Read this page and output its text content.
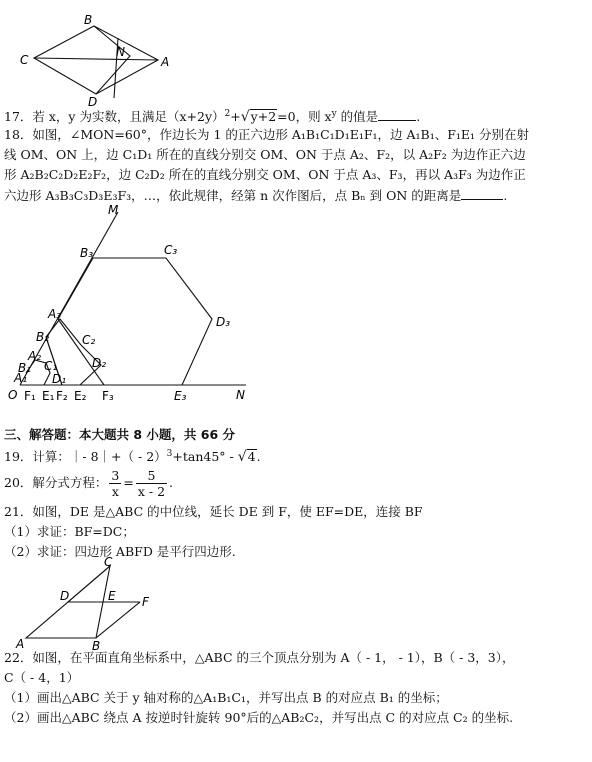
B
C
N
A
D
17．若 x，y 为实数，且满足$(x+2y)^2+√y+2=0$，则 $x^y$ 的值是	.
18．如图，∠MON=60°，作边长为 1 的正六边形 A₁B₁C₁D₁E₁F₁，边 A₁B₁、F₁E₁ 分别在射
线 OM、ON 上，边 C₁D₁ 所在的直线分别交 OM、ON 于点 A₂、F₂，以 A₂F₂ 为边作正六边
形 A₂B₂C₂D₂E₂F₂，边 C₂D₂ 所在的直线分别交 OM、ON 于点 A₃、F₃，再以 A₃F₃ 为边作正
六边形 A₃B₃C₃D₃E₃F₃，…，依此规律，经第 n 次作图后，点 Bₙ 到 ON 的距离是	.
M
N
O
B₃	C₃
D₃
E₃
A₃
B₂	C₂
D₂
E₂ F₃
F₂
A₂
B₁ C₁
D₁
E₁
F₁
A₁
三、解答题：本大题共 8 小题，共 66 分
19．计算：｜- 8｜+（ - 2）$^3$+tan45° - √4.
20．解分式方程： $\frac{3}{x} = \frac{5}{x - 2}$ .
21．如图，DE 是△ABC 的中位线，延长 DE 到 F，使 EF=DE，连接 BF
（1）求证：BF=DC；
（2）求证：四边形 ABFD 是平行四边形.
C
D	E F
A	B
22．如图，在平面直角坐标系中，△ABC 的三个顶点分别为 A（ - 1， - 1），B（ - 3，3），
C（ - 4，1）
（1）画出△ABC 关于 y 轴对称的△A₁B₁C₁，并写出点 B 的对应点 B₁ 的坐标；
（2）画出△ABC 绕点 A 按逆时针旋转 90°后的△AB₂C₂，并写出点 C 的对应点 C₂ 的坐标.
